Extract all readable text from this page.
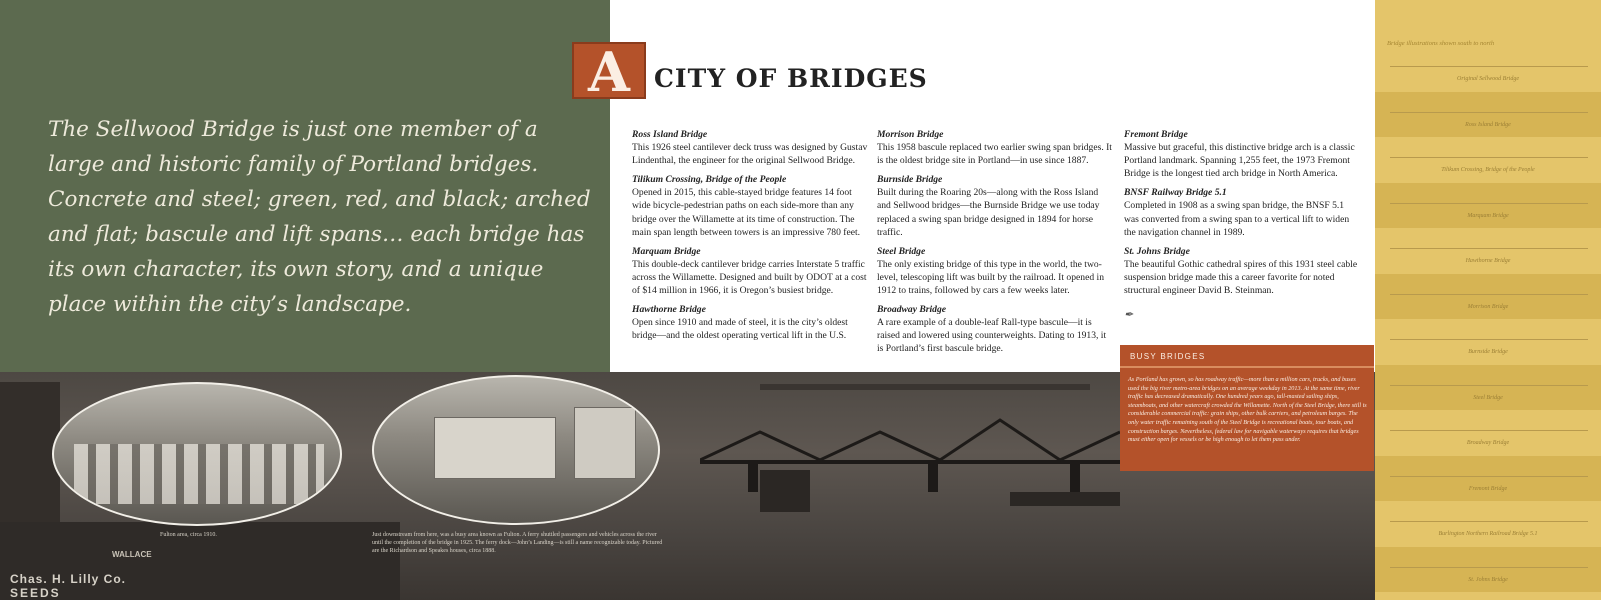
The Sellwood Bridge is just one member of a large and historic family of Portland bridges. Concrete and steel; green, red, and black; arched and flat; bascule and lift spans… each bridge has its own character, its own story, and a unique place within the city’s landscape.
A CITY OF BRIDGES
Ross Island Bridge
This 1926 steel cantilever deck truss was designed by Gustav Lindenthal, the engineer for the original Sellwood Bridge.
Tilikum Crossing, Bridge of the People
Opened in 2015, this cable-stayed bridge features 14 foot wide bicycle-pedestrian paths on each side-more than any bridge over the Willamette at its time of construction. The main span length between towers is an impressive 780 feet.
Marquam Bridge
This double-deck cantilever bridge carries Interstate 5 traffic across the Willamette. Designed and built by ODOT at a cost of $14 million in 1966, it is Oregon’s busiest bridge.
Hawthorne Bridge
Open since 1910 and made of steel, it is the city’s oldest bridge—and the oldest operating vertical lift in the U.S.
Morrison Bridge
This 1958 bascule replaced two earlier swing span bridges. It is the oldest bridge site in Portland—in use since 1887.
Burnside Bridge
Built during the Roaring 20s—along with the Ross Island and Sellwood bridges—the Burnside Bridge we use today replaced a swing span bridge designed in 1894 for horse traffic.
Steel Bridge
The only existing bridge of this type in the world, the two-level, telescoping lift was built by the railroad. It opened in 1912 to trains, followed by cars a few weeks later.
Broadway Bridge
A rare example of a double-leaf Rall-type bascule—it is raised and lowered using counterweights. Dating to 1913, it is Portland’s first bascule bridge.
Fremont Bridge
Massive but graceful, this distinctive bridge arch is a classic Portland landmark. Spanning 1,255 feet, the 1973 Fremont Bridge is the longest tied arch bridge in North America.
BNSF Railway Bridge 5.1
Completed in 1908 as a swing span bridge, the BNSF 5.1 was converted from a swing span to a vertical lift to widen the navigation channel in 1989.
St. Johns Bridge
The beautiful Gothic cathedral spires of this 1931 steel cable suspension bridge made this a career favorite for noted structural engineer David B. Steinman.
✒
Bridge illustrations shown south to north
Original Sellwood Bridge
Ross Island Bridge
Tilikum Crossing, Bridge of the People
Marquam Bridge
Hawthorne Bridge
Morrison Bridge
Burnside Bridge
Steel Bridge
Broadway Bridge
Fremont Bridge
Burlington Northern Railroad Bridge 5.1
St. Johns Bridge
Chas. H. Lilly Co.
SEEDS
WALLACE
Fulton area, circa 1910.	Just downstream from here, was a busy area known as Fulton. A ferry shuttled passengers and vehicles across the river until the completion of the bridge in 1925. The ferry dock—John’s Landing—is still a name recognizable today. Pictured are the Richardson and Speakes houses, circa 1888.
BUSY BRIDGES
As Portland has grown, so has roadway traffic—more than a million cars, trucks, and buses used the big river metro-area bridges on an average weekday in 2013. At the same time, river traffic has decreased dramatically. One hundred years ago, tall-masted sailing ships, steamboats, and other watercraft crowded the Willamette. North of the Steel Bridge, there still is considerable commercial traffic: grain ships, other bulk carriers, and petroleum barges. The only water traffic remaining south of the Steel Bridge is recreational boats, tour boats, and construction barges. Nevertheless, federal law for navigable waterways requires that bridges must either open for vessels or be high enough to let them pass under.
